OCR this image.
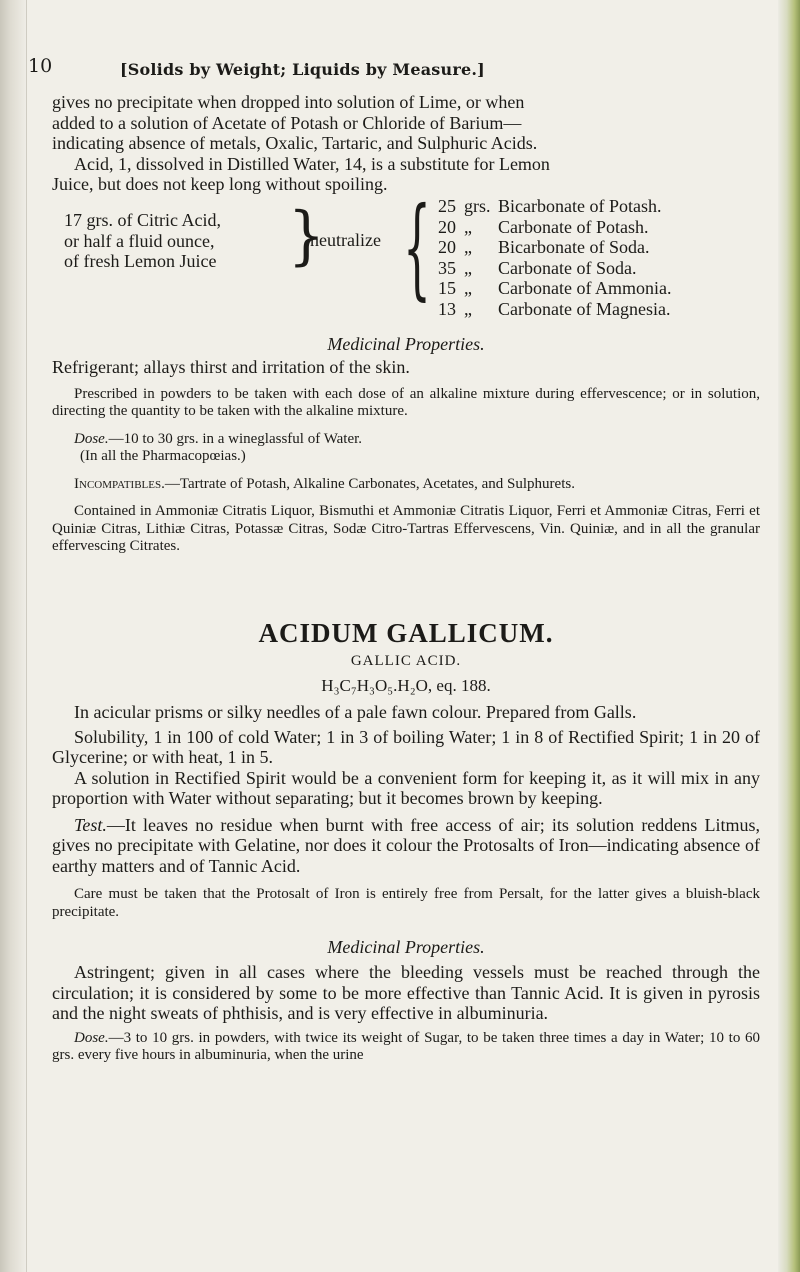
10	[Solids by Weight; Liquids by Measure.]

gives no precipitate when dropped into solution of Lime, or when

added to a solution of Acetate of Potash or Chloride of Barium—

indicating absence of metals, Oxalic, Tartaric, and Sulphuric Acids.

Acid, 1, dissolved in Distilled Water, 14, is a substitute for Lemon

Juice, but does not keep long without spoiling.

17 grs. of Citric Acid,
or half a fluid ounce,
of fresh Lemon Juice }
neutralize { 25 grs. Bicarbonate of Potash.
20 „ Carbonate of Potash.
20 „ Bicarbonate of Soda.
35 „ Carbonate of Soda.
15 „ Carbonate of Ammonia.
13 „ Carbonate of Magnesia.

Medicinal Properties.

Refrigerant; allays thirst and irritation of the skin.

Prescribed in powders to be taken with each dose of an alkaline mixture during effervescence; or in solution, directing the quantity to be taken with the alkaline mixture.

Dose.—10 to 30 grs. in a wineglassful of Water.

(In all the Pharmacopœias.)

Incompatibles.—Tartrate of Potash, Alkaline Carbonates, Acetates, and Sulphurets.

Contained in Ammoniæ Citratis Liquor, Bismuthi et Ammoniæ Citratis Liquor, Ferri et Ammoniæ Citras, Ferri et Quiniæ Citras, Lithiæ Citras, Potassæ Citras, Sodæ Citro-Tartras Effervescens, Vin. Quiniæ, and in all the granular effervescing Citrates.

ACIDUM GALLICUM.

GALLIC ACID.

H₃C₇H₃O₅.H₂O, eq. 188.

In acicular prisms or silky needles of a pale fawn colour. Prepared from Galls.

Solubility, 1 in 100 of cold Water; 1 in 3 of boiling Water; 1 in 8 of Rectified Spirit; 1 in 20 of Glycerine; or with heat, 1 in 5.

A solution in Rectified Spirit would be a convenient form for keeping it, as it will mix in any proportion with Water without separating; but it becomes brown by keeping.

Test.—It leaves no residue when burnt with free access of air; its solution reddens Litmus, gives no precipitate with Gelatine, nor does it colour the Protosalts of Iron—indicating absence of earthy matters and of Tannic Acid.

Care must be taken that the Protosalt of Iron is entirely free from Persalt, for the latter gives a bluish-black precipitate.

Medicinal Properties.

Astringent; given in all cases where the bleeding vessels must be reached through the circulation; it is considered by some to be more effective than Tannic Acid. It is given in pyrosis and the night sweats of phthisis, and is very effective in albuminuria.

Dose.—3 to 10 grs. in powders, with twice its weight of Sugar, to be taken three times a day in Water; 10 to 60 grs. every five hours in albuminuria, when the urine
